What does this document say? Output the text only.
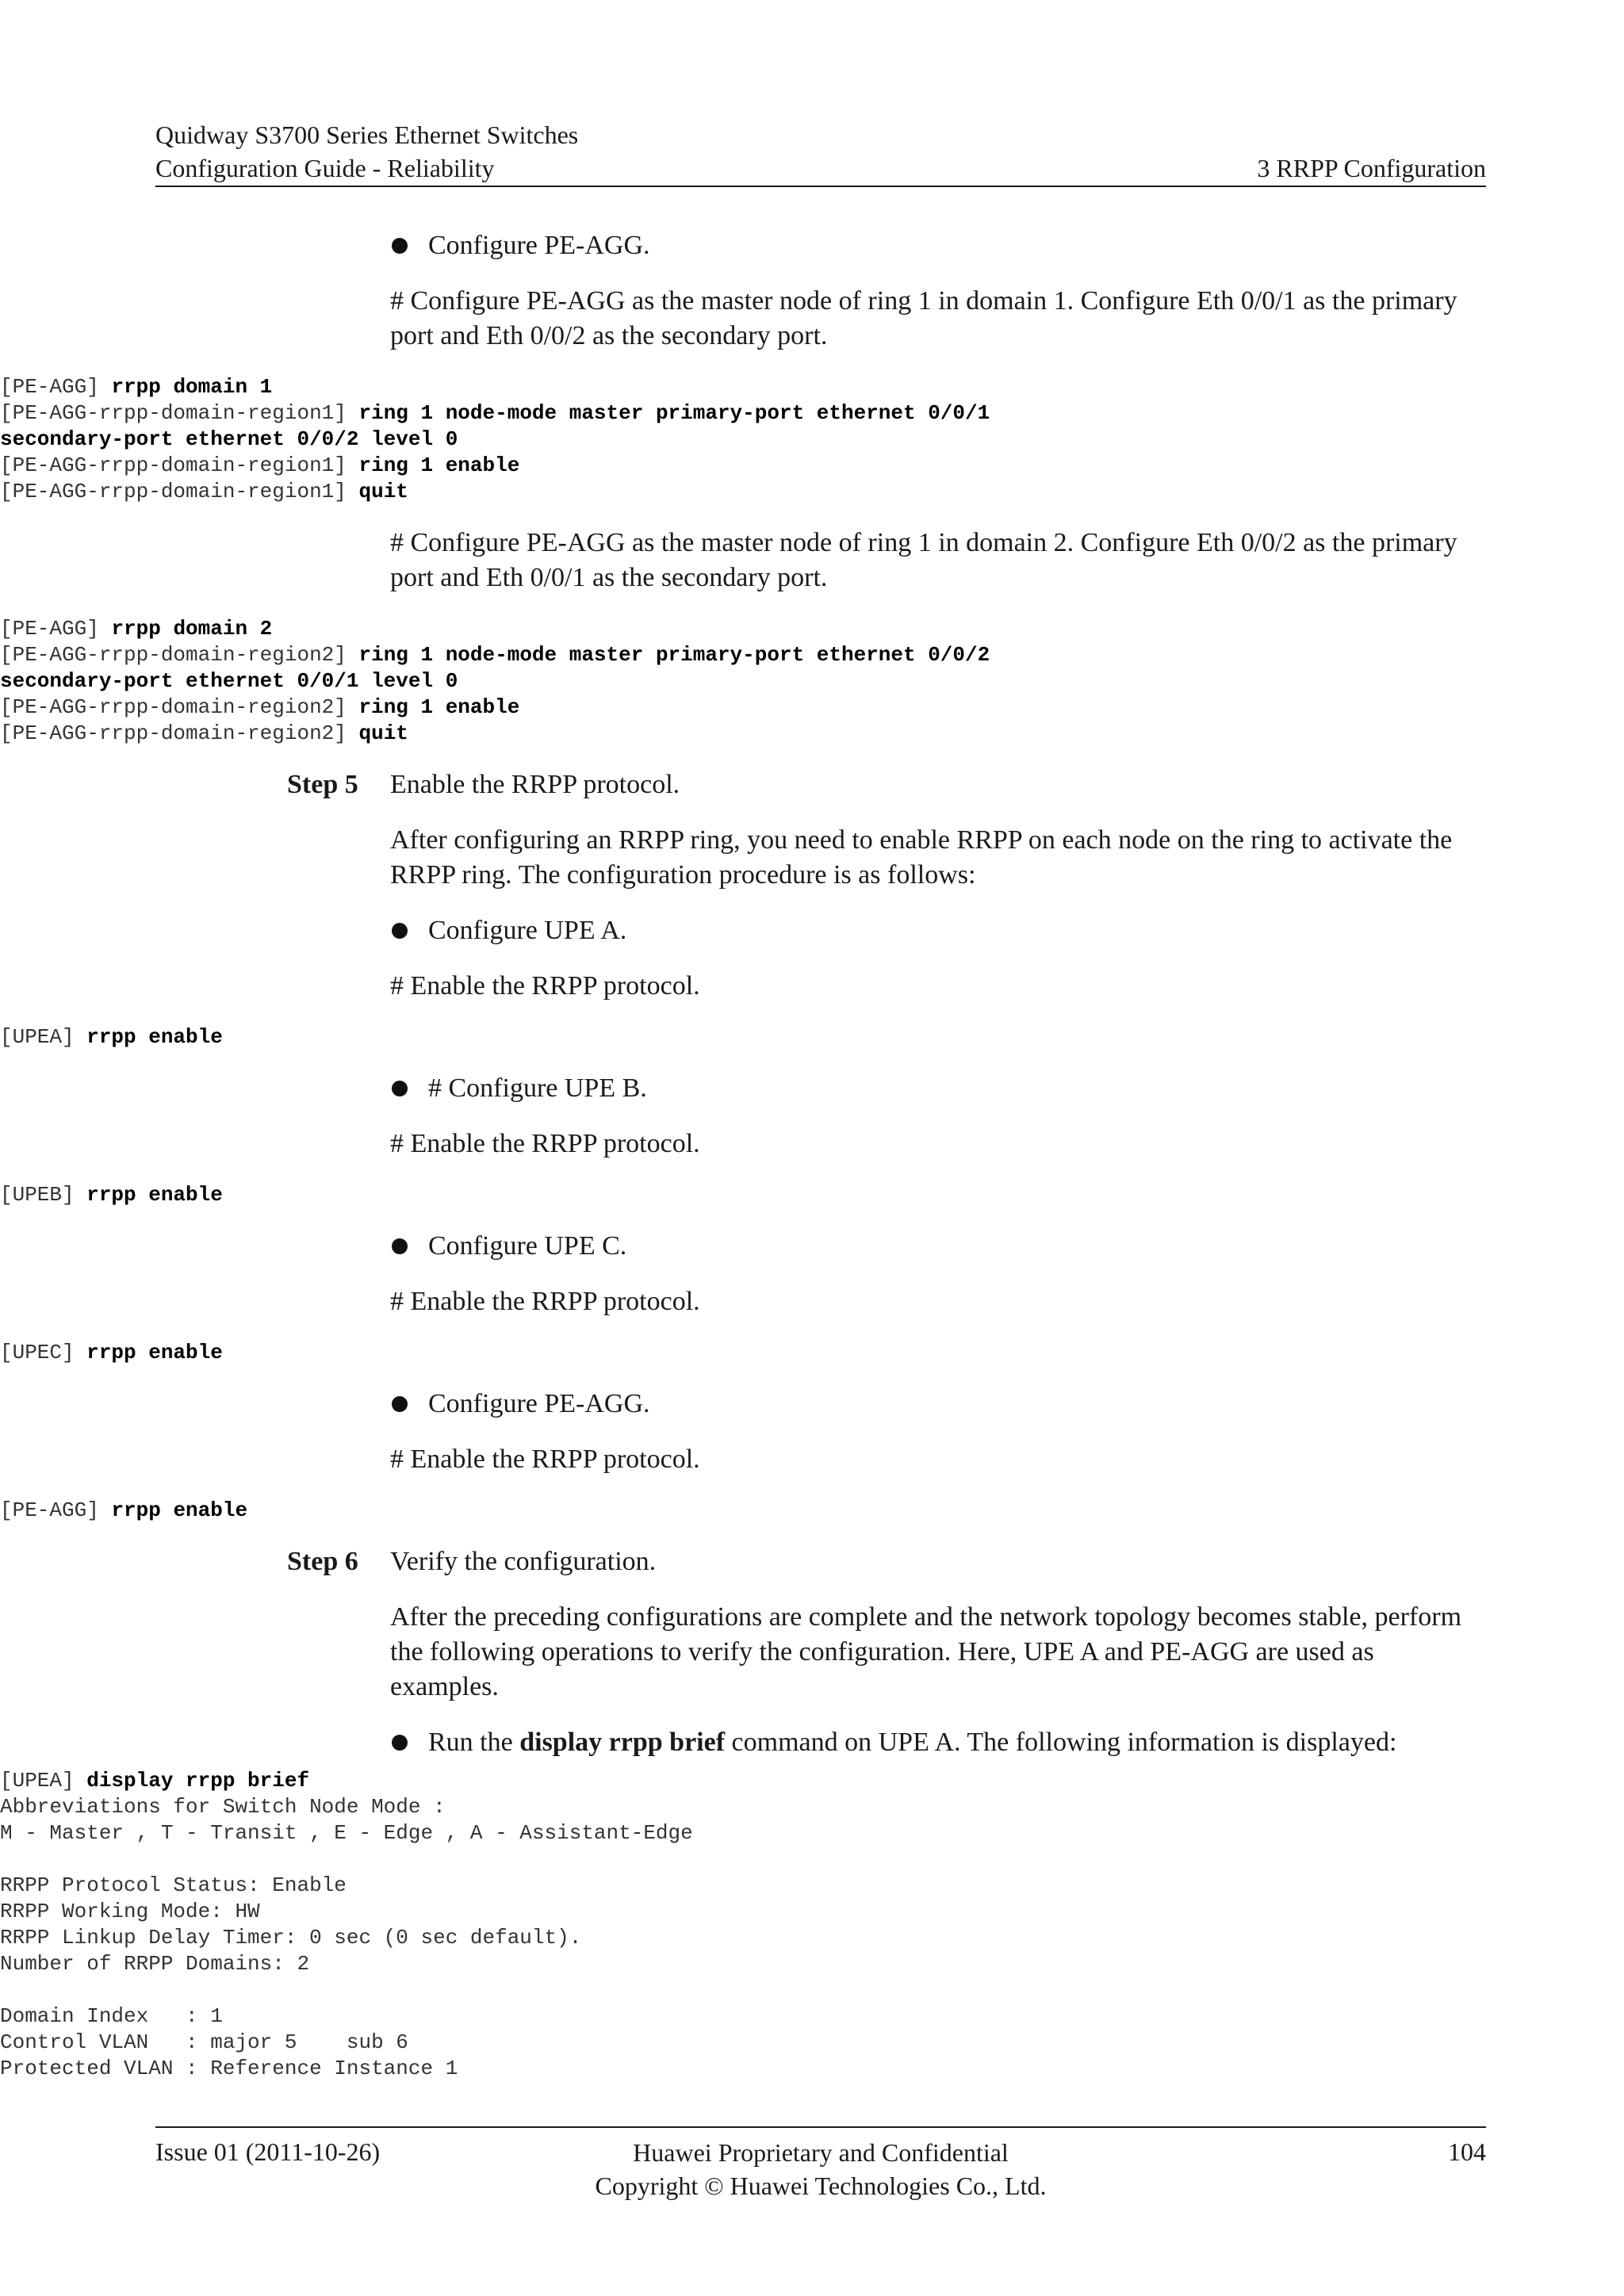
Quidway S3700 Series Ethernet Switches
Configuration Guide - Reliability	3 RRPP Configuration
Configure PE-AGG.
# Configure PE-AGG as the master node of ring 1 in domain 1. Configure Eth 0/0/1 as the primary port and Eth 0/0/2 as the secondary port.
[PE-AGG] rrpp domain 1
[PE-AGG-rrpp-domain-region1] ring 1 node-mode master primary-port ethernet 0/0/1
secondary-port ethernet 0/0/2 level 0
[PE-AGG-rrpp-domain-region1] ring 1 enable
[PE-AGG-rrpp-domain-region1] quit
# Configure PE-AGG as the master node of ring 1 in domain 2. Configure Eth 0/0/2 as the primary port and Eth 0/0/1 as the secondary port.
[PE-AGG] rrpp domain 2
[PE-AGG-rrpp-domain-region2] ring 1 node-mode master primary-port ethernet 0/0/2
secondary-port ethernet 0/0/1 level 0
[PE-AGG-rrpp-domain-region2] ring 1 enable
[PE-AGG-rrpp-domain-region2] quit
Step 5 Enable the RRPP protocol.
After configuring an RRPP ring, you need to enable RRPP on each node on the ring to activate the RRPP ring. The configuration procedure is as follows:
Configure UPE A.
# Enable the RRPP protocol.
[UPEA] rrpp enable
# Configure UPE B.
# Enable the RRPP protocol.
[UPEB] rrpp enable
Configure UPE C.
# Enable the RRPP protocol.
[UPEC] rrpp enable
Configure PE-AGG.
# Enable the RRPP protocol.
[PE-AGG] rrpp enable
Step 6 Verify the configuration.
After the preceding configurations are complete and the network topology becomes stable, perform the following operations to verify the configuration. Here, UPE A and PE-AGG are used as examples.
Run the display rrpp brief command on UPE A. The following information is displayed:
[UPEA] display rrpp brief
Abbreviations for Switch Node Mode :
M - Master , T - Transit , E - Edge , A - Assistant-Edge

RRPP Protocol Status: Enable
RRPP Working Mode: HW
RRPP Linkup Delay Timer: 0 sec (0 sec default).
Number of RRPP Domains: 2

Domain Index   : 1
Control VLAN   : major 5    sub 6
Protected VLAN : Reference Instance 1
Issue 01 (2011-10-26)	Huawei Proprietary and Confidential
Copyright © Huawei Technologies Co., Ltd.
104
